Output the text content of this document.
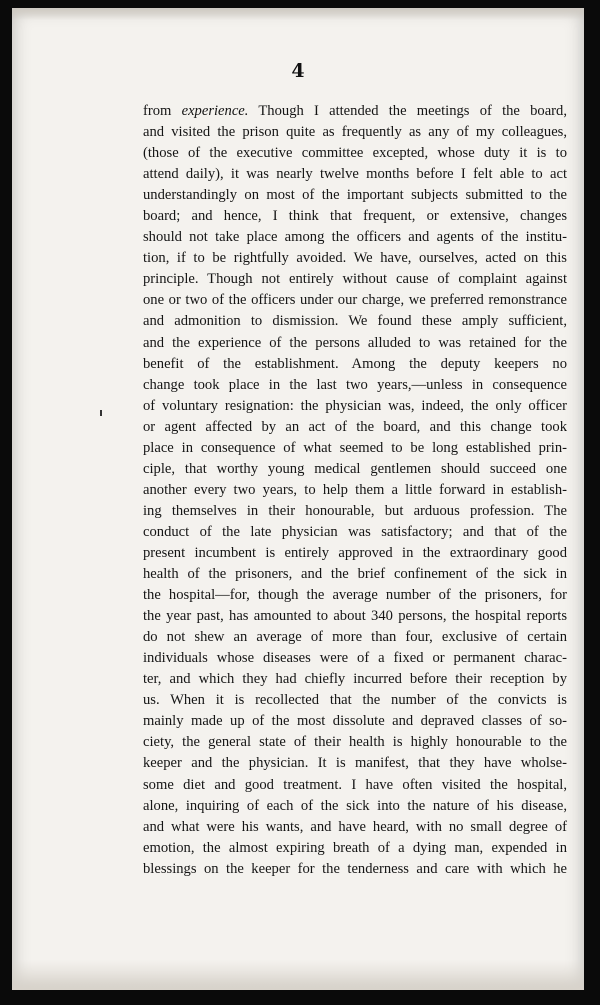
4
from experience. Though I attended the meetings of the board,
and visited the prison quite as frequently as any of my colleagues,
(those of the executive committee excepted, whose duty it is to
attend daily), it was nearly twelve months before I felt able to act
understandingly on most of the important subjects submitted to the
board; and hence, I think that frequent, or extensive, changes
should not take place among the officers and agents of the institu-
tion, if to be rightfully avoided. We have, ourselves, acted on this
principle. Though not entirely without cause of complaint against
one or two of the officers under our charge, we preferred remonstrance
and admonition to dismission. We found these amply sufficient,
and the experience of the persons alluded to was retained for the
benefit of the establishment. Among the deputy keepers no
change took place in the last two years,—unless in consequence
of voluntary resignation: the physician was, indeed, the only officer
or agent affected by an act of the board, and this change took
place in consequence of what seemed to be long established prin-
ciple, that worthy young medical gentlemen should succeed one
another every two years, to help them a little forward in establish-
ing themselves in their honourable, but arduous profession. The
conduct of the late physician was satisfactory; and that of the
present incumbent is entirely approved in the extraordinary good
health of the prisoners, and the brief confinement of the sick in
the hospital—for, though the average number of the prisoners, for
the year past, has amounted to about 340 persons, the hospital reports
do not shew an average of more than four, exclusive of certain
individuals whose diseases were of a fixed or permanent charac-
ter, and which they had chiefly incurred before their reception by
us. When it is recollected that the number of the convicts is
mainly made up of the most dissolute and depraved classes of so-
ciety, the general state of their health is highly honourable to the
keeper and the physician. It is manifest, that they have wholse-
some diet and good treatment. I have often visited the hospital,
alone, inquiring of each of the sick into the nature of his disease,
and what were his wants, and have heard, with no small degree of
emotion, the almost expiring breath of a dying man, expended in
blessings on the keeper for the tenderness and care with which he
